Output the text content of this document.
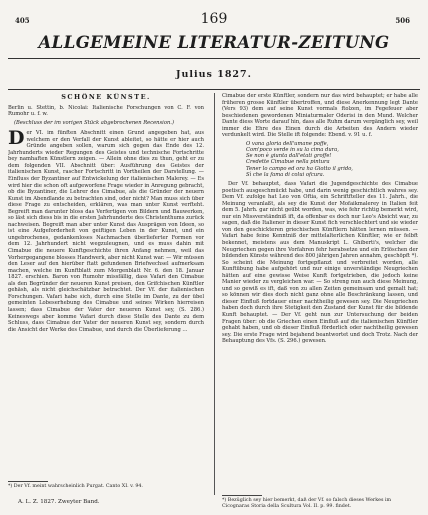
405	169	506
ALLGEMEINE LITERATUR-ZEITUNG
Julius 1827.
SCHÖNE KÜNSTE.

Berlin u. Stettin, b. Nicolai: Italienische Forschungen von C. F. von Rumohr u. f. w.

(Beschluss der im vorigen Stück abgebrochenen Recension.)

Der VI. im fünften Abschnitt einen Grund angegeben hat, aus welchem er den Verfall der Kunst ableitet, so hätte er hier auch Gründe angeben sollen, warum sich gegen das Ende des 12. Jahrhunderts wieder Regungen des Geistes und technische Fortschritte bey namhaften Künstlern zeigen. — Allein ohne dies zu thun, geht er zu dem folgenden VII. Abschnitt über: Ausführung des Geistes der italienischen Kunst, rascher Fortschritt in Vortheilen der Darstellung. — Einfluss der Byzantiner auf Entwickelung der italienischen Malerey. — Es wird hier die schon oft aufgeworfene Frage wieder in Anregung gebracht, ob die Byzantiner, die Lehrer des Cimabue, als die Gründer der neuern Kunst im Abendlande zu betrachten sind, oder nicht? Man muss sich über diese Frage zu entscheiden, erklären, was man unter Kunst verfteht. Begreift man darunter bloss das Verfertigen von Bildern und Bauwerken, so läst sich diess bis in die ersten Jahrhunderte des Christenthums zurück nachweisen. Begreift man aber unter Kunst das Ausprägen von Ideen, so ist eine Aufgeforderheit von geiftigen Leben in der Kunst, und ein ungebrochenes, gedankenloses Nachmachen überlieferter Formen vor dem 12. Jahrhundert nicht wegzuleugnen, und es muss dahin mit Cimabue die neuere Kunftgeschichte ihren Anfang nehmen, weil das Vorhergegangene blosses Handwerk, aber nicht Kunst war. — Wir müssen den Leser auf den hierüber ftatt gefundenen Briefwechsel aufmerksam machen, welche im Kunftblatt zum Morgenblatt Nr. 6. den 18. Januar 1827. erschien. Baron von Rumohr missfällig, dass Vafari den Cimabue als den Begründer der neueren Kunst preisen, den Grifchischen Künftler gehäsh, als nicht gleichschätzbar betrachtet. Der Vf. der italienischen Forschungen. Vafari habe sich, durch eine Stelle im Dante, zu der übel gemeinten Lobeserhebung des Cimabue und seines Wirken hierreisen lassen; dass Cimabue der Vater der neueren Kunst sey, (S. 286.) Keineswegs aber komme Vafari durch diese Stelle des Dante zu dem Schluss, dass Cimabue der Vater der neueren Kunst sey, sondern durch die Ansicht der Werke des Cimabue, und durch die Überlieferung ...

*) Der Vf. meint wahrscheinlich Purgat. Canto XI. v. 94.

A. L. Z. 1827. Zweyter Band.

Cimabue der erste Künftler, sondern nur das wird behauptet; er habe alle früheren grosse Künftler übertroffen, und diese Anerkennung legt Dante (Vers 93) dem auf seine Kunst vormals ftolzen, im Fegefeuer aber beschiedenen gewordenen Miniaturmaler Oderisi in den Mund. Welcher Dante diess Worte darauf hin, dass alle Ruhm darum vergänglich sey, weil immer die Ehre des Einen durch die Arbeiten des Andern wieder verdunkelt wird. Die Stelle ift folgende: Ebend. v. 91 u. f.

O vana gloria dell'umane poffe,
Com'poco verde in su la cima dura,
Se non è giunta dall'etati groffe!
Credette Cimabue nella pintura
Tener lo campo ed ora ha Giotto il grido,
Sì che la fama di colui ofcura.

Der Vf. behauptet, dass Vafari die Jugendgeschichte des Cimabue poetisch ausgeschmückt habe, und darin wenig geschichtlich wahres sey. Dem Vf. zufolge hat Leo von Oftia, ein Schriftfteller des 11. Jahrh., die Meinung veranlaßt, als sey die Kunst der Mofaikmalerey in Italien feit dem 5. Jahrh. gar nicht geübt worden, was, wie fehr richtig bemerkt wird, nur ein Missverständniß ift, da offenbar es doch nur Leo's Absicht war, zu sagen, daß die Italiener in dieser Kunst fich verschlechtert und sie wieder von den geschickteren griechischen Künftlern hätten lernen müssen. — Vafari habe feine Kenntniß der mittelalterlichen Künftler, wie er felbft bekennet, meistens aus dem Manuskript L. Ghiberti's, welcher die Neugriechen gegen ihre Vorfahren fehr herabsetze und ein Erlöschen der bildenden Künste während des 800 jährigen Jahren annahm, geschöpft *). So scheint die Meinung fortgepflanzt und verbreitet worden, alle Kunftübung habe aufgehört und nur einige unverständige Neugriechen hätten auf eine gewisse Weise Kunft fortgetrieben, die jedoch keine Manier wieder zu vergleichen war. — So streng nun auch diese Meinung, und so gewiß es ift, daß von zu allen Zeiten gemeinsam und gemalt hat; so können wir dies doch nicht ganz ohne alle Beschränkung lassen, und dieser Einfluß fortdauer einer nachtheilig gewesen sey. Die Neugriechen haben doch durch ihre Stetigkeit den Zustand der Kunst für die bildende Kunft behauptet. — Der Vf. geht nun zur Untersuchung der beiden Fragen über: ob die Griechen einen Einfluß auf die italienischen Künftler gehabt haben, und ob dieser Einfluß förderlich oder nachtheilig gewesen sey. Die erste Frage wird bejahend beantwortet und doch Trotz. Nach der Behauptung des Vfs. (S. 296.) gewesen.

*) Bezüglich sey hier bemerkt, daß der Vf. so falsch dieses Werkes im Cicognaras Storia della Scultura Vol. II. p. 99. findet.
